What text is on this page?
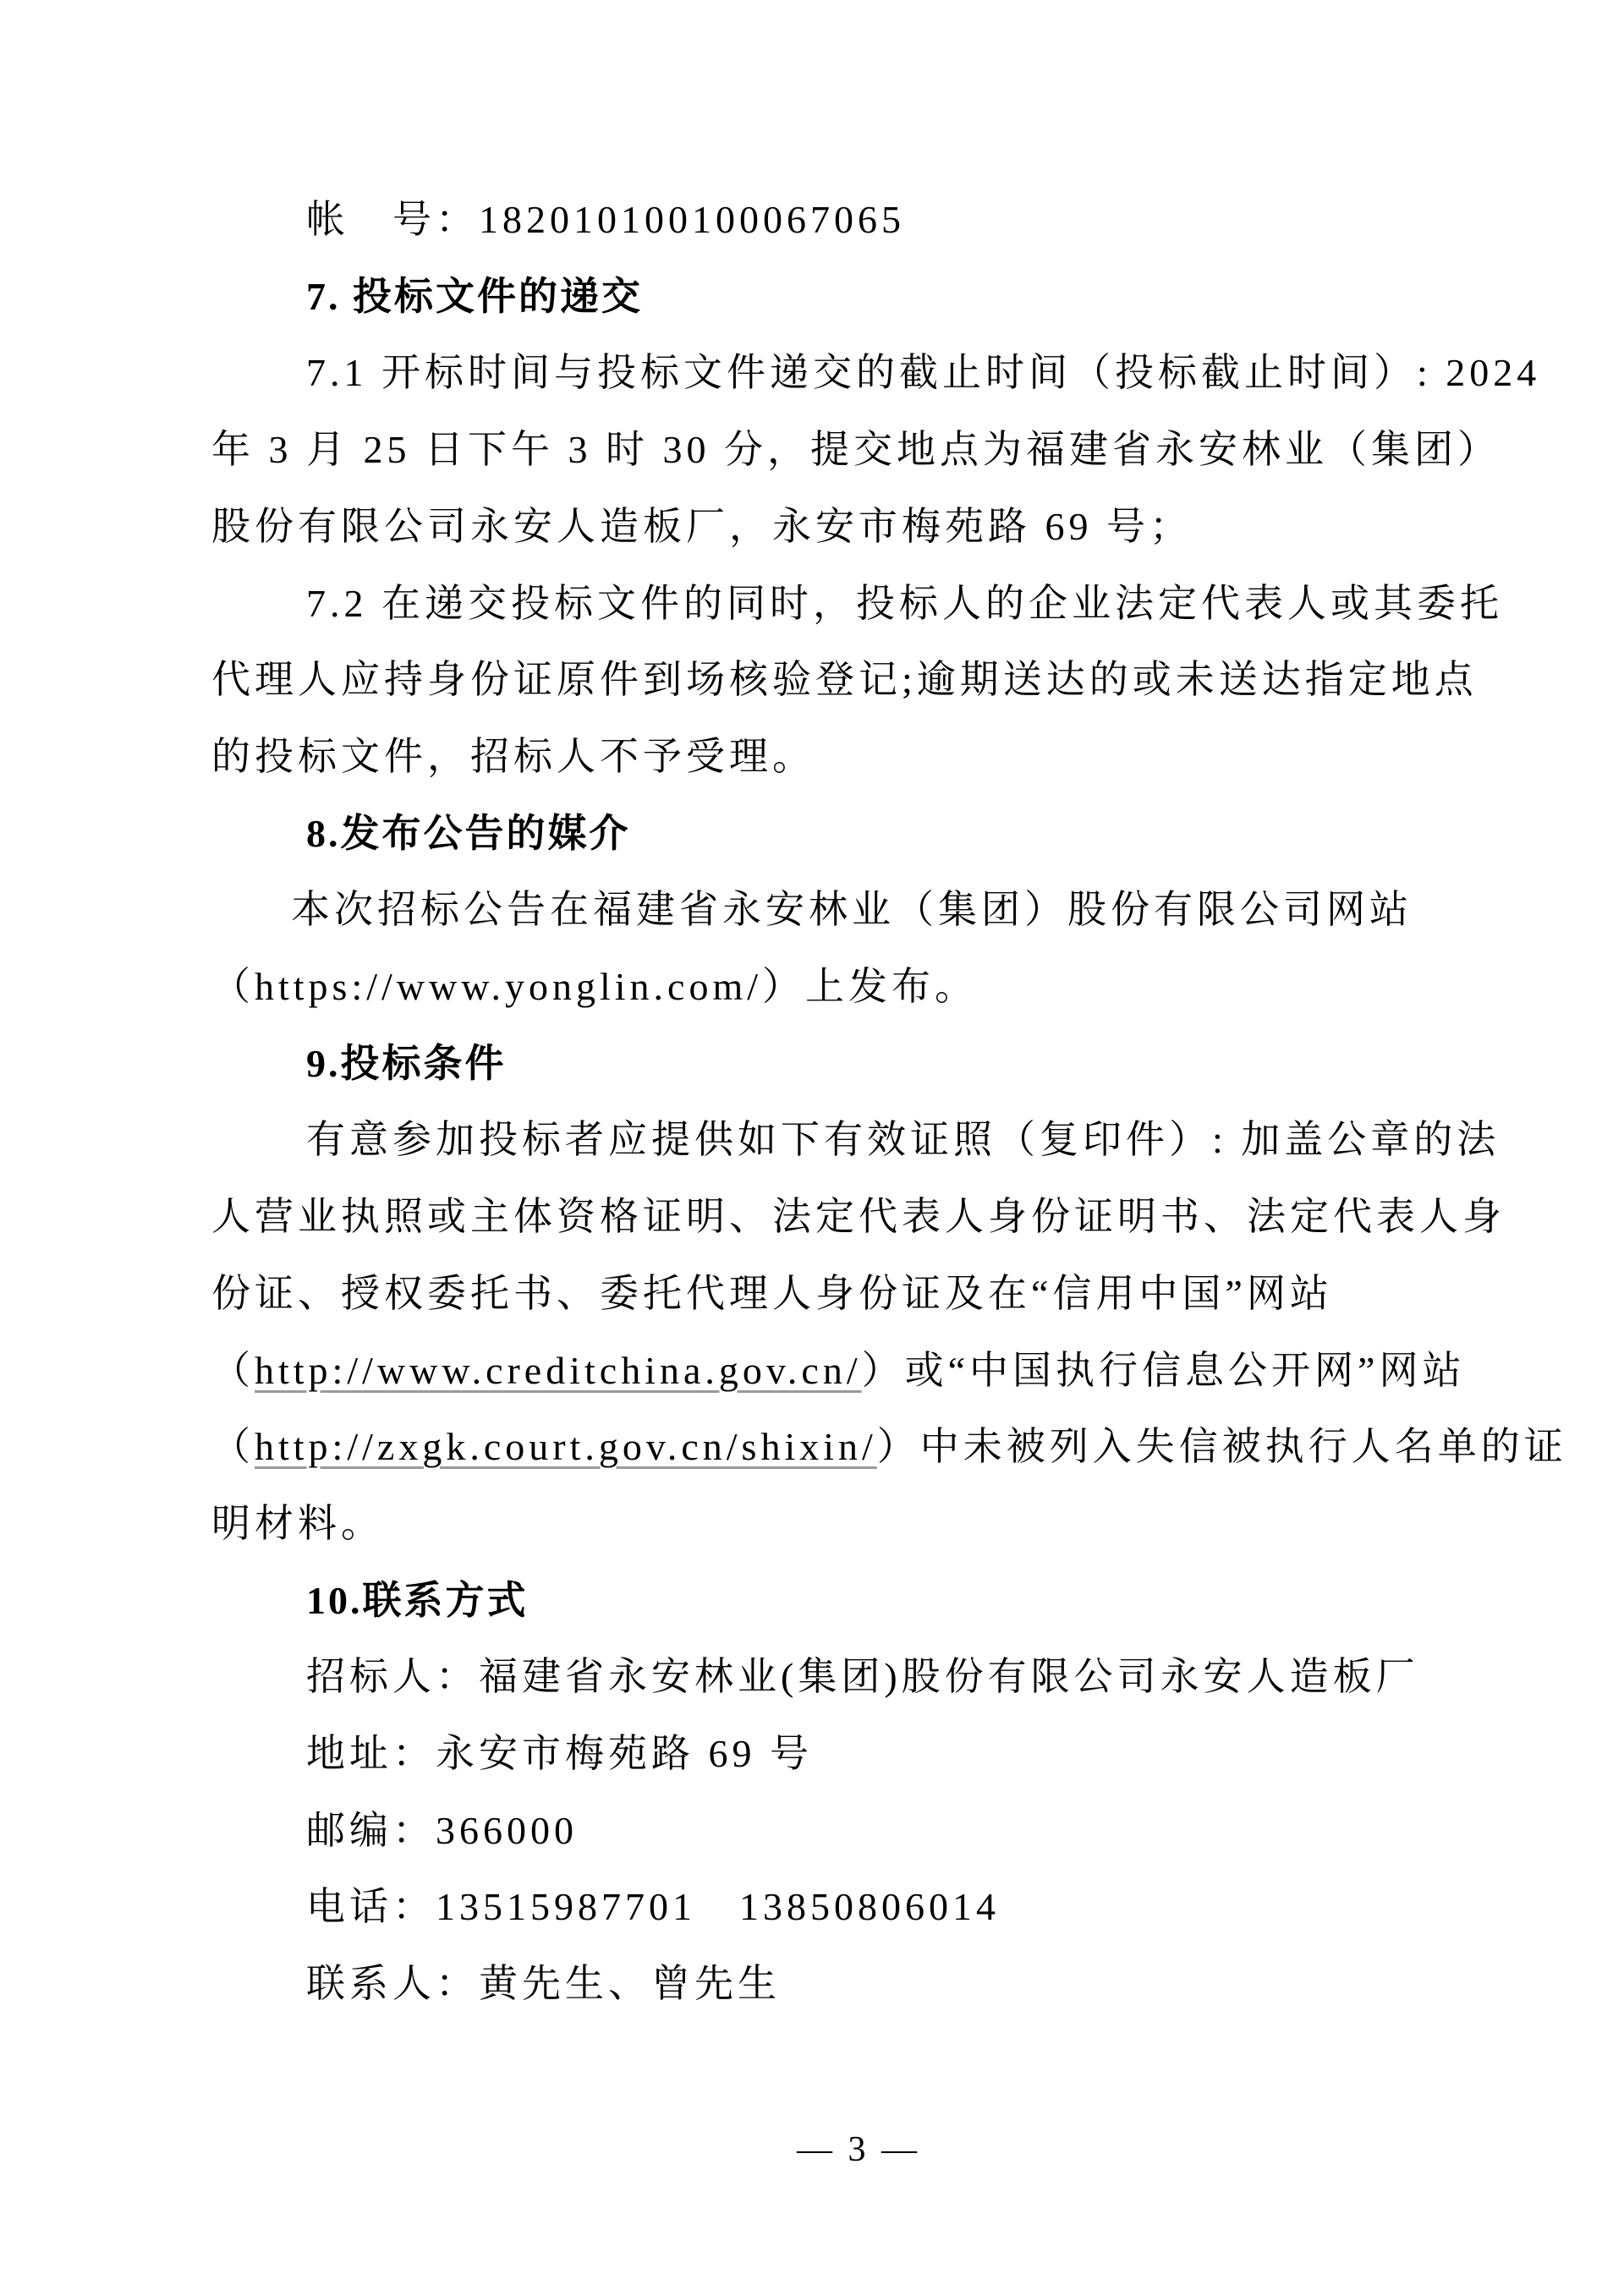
帐　号：182010100100067065
7. 投标文件的递交
7.1 开标时间与投标文件递交的截止时间（投标截止时间）: 2024
年 3 月 25 日下午 3 时 30 分，提交地点为福建省永安林业（集团）
股份有限公司永安人造板厂，永安市梅苑路 69 号；
7.2 在递交投标文件的同时，投标人的企业法定代表人或其委托
代理人应持身份证原件到场核验登记;逾期送达的或未送达指定地点
的投标文件，招标人不予受理。
8.发布公告的媒介
本次招标公告在福建省永安林业（集团）股份有限公司网站
（https://www.yonglin.com/）上发布。
9.投标条件
有意参加投标者应提供如下有效证照（复印件）: 加盖公章的法
人营业执照或主体资格证明、法定代表人身份证明书、法定代表人身
份证、授权委托书、委托代理人身份证及在“信用中国”网站
（http://www.creditchina.gov.cn/）或“中国执行信息公开网”网站
（http://zxgk.court.gov.cn/shixin/）中未被列入失信被执行人名单的证
明材料。
10.联系方式
招标人：福建省永安林业(集团)股份有限公司永安人造板厂
地址：永安市梅苑路 69 号
邮编：366000
电话：13515987701　13850806014
联系人：黄先生、曾先生
— 3 —
